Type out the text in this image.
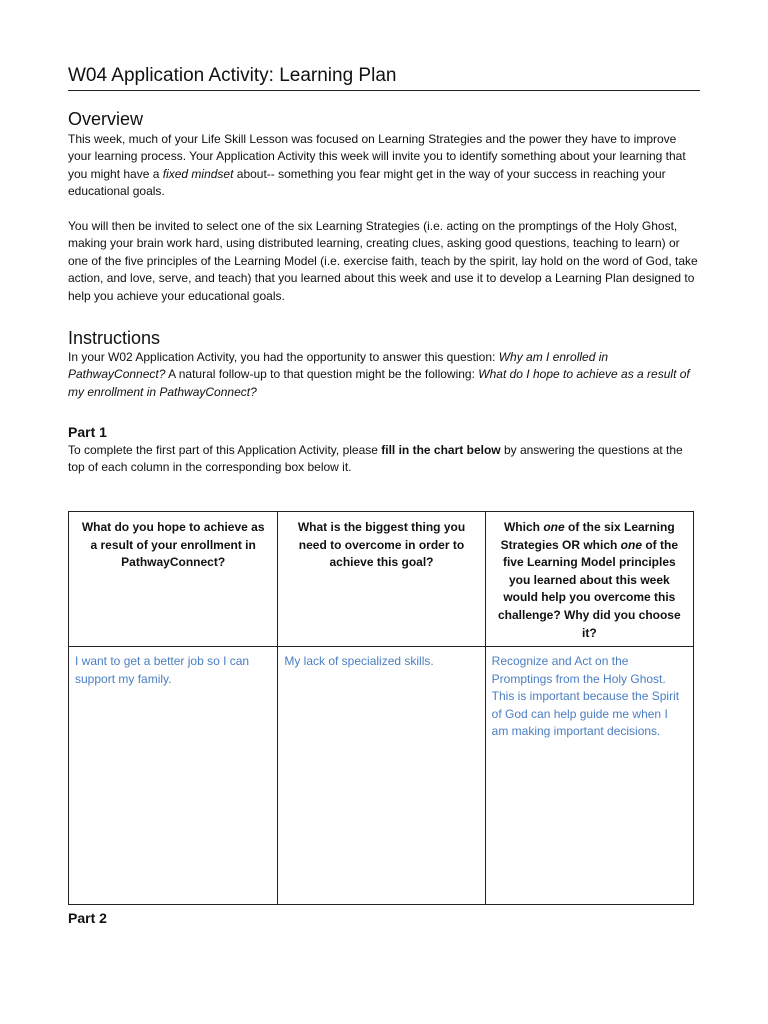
W04 Application Activity: Learning Plan
Overview

This week, much of your Life Skill Lesson was focused on Learning Strategies and the power they have to improve your learning process. Your Application Activity this week will invite you to identify something about your learning that you might have a fixed mindset about-- something you fear might get in the way of your success in reaching your educational goals.

You will then be invited to select one of the six Learning Strategies (i.e. acting on the promptings of the Holy Ghost, making your brain work hard, using distributed learning, creating clues, asking good questions, teaching to learn) or one of the five principles of the Learning Model (i.e. exercise faith, teach by the spirit, lay hold on the word of God, take action, and love, serve, and teach) that you learned about this week and use it to develop a Learning Plan designed to help you achieve your educational goals.

Instructions

In your W02 Application Activity, you had the opportunity to answer this question: Why am I enrolled in PathwayConnect? A natural follow-up to that question might be the following: What do I hope to achieve as a result of my enrollment in PathwayConnect?

Part 1

To complete the first part of this Application Activity, please fill in the chart below by answering the questions at the top of each column in the corresponding box below it.

What do you hope to achieve as a result of your enrollment in PathwayConnect?	What is the biggest thing you need to overcome in order to achieve this goal?	Which one of the six Learning Strategies OR which one of the five Learning Model principles you learned about this week would help you overcome this challenge? Why did you choose it?

I want to get a better job so I can support my family.	My lack of specialized skills.	Recognize and Act on the Promptings from the Holy Ghost. This is important because the Spirit of God can help guide me when I am making important decisions.
Part 2
